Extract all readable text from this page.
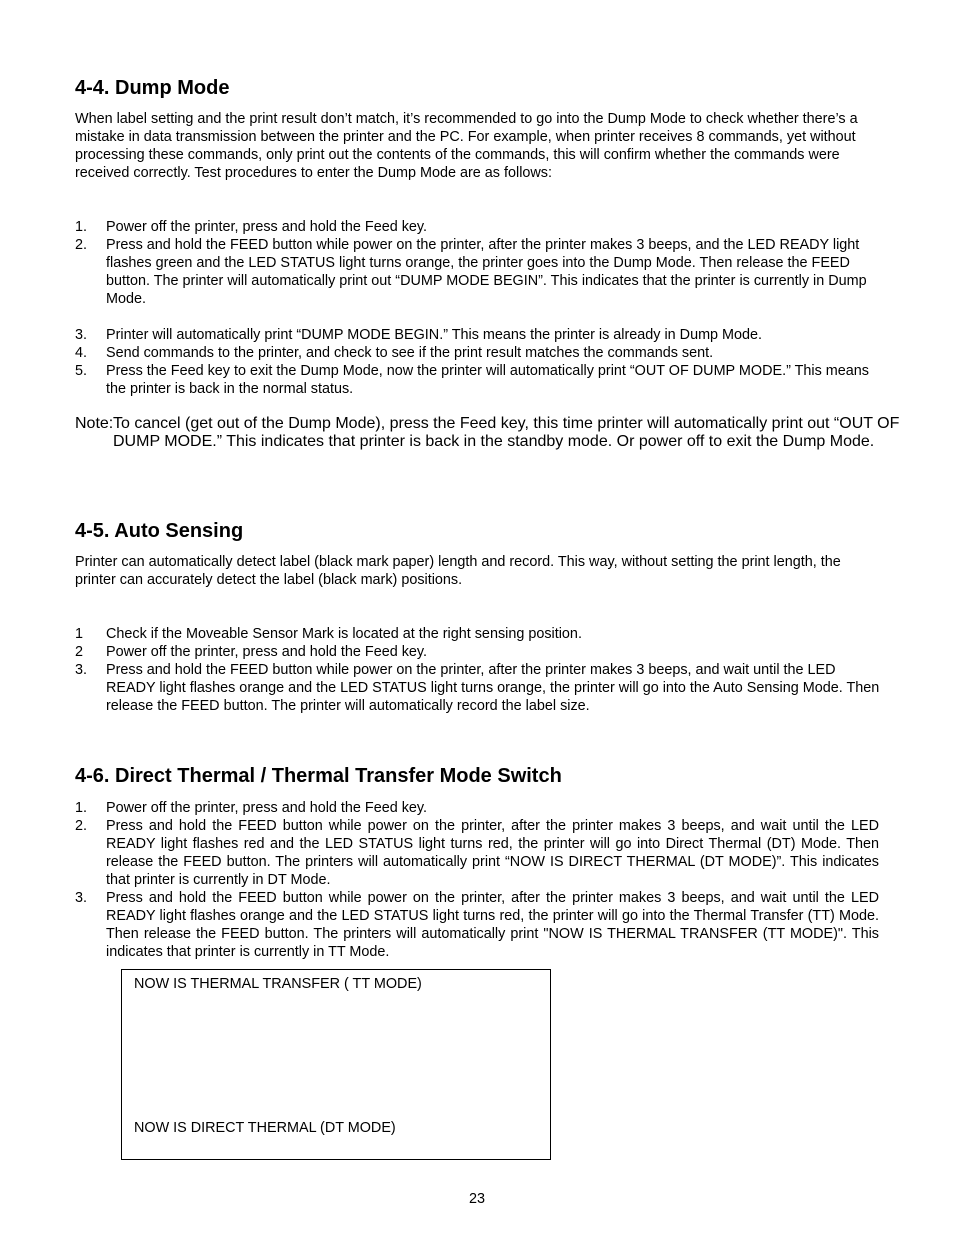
4-4. Dump Mode

When label setting and the print result don’t match, it’s recommended to go into the Dump Mode to check whether there’s a mistake in data transmission between the printer and the PC. For example, when printer receives 8 commands, yet without processing these commands, only print out the contents of the commands, this will confirm whether the commands were received correctly. Test procedures to enter the Dump Mode are as follows:

1.	Power off the printer, press and hold the Feed key.
2.	Press and hold the FEED button while power on the printer, after the printer makes 3 beeps, and the LED READY light flashes green and the LED STATUS light turns orange, the printer goes into the Dump Mode. Then release the FEED button. The printer will automatically print out “DUMP MODE BEGIN”. This indicates that the printer is currently in Dump Mode.
3.	Printer will automatically print “DUMP MODE BEGIN.” This means the printer is already in Dump Mode.
4.	Send commands to the printer, and check to see if the print result matches the commands sent.
5.	Press the Feed key to exit the Dump Mode, now the printer will automatically print “OUT OF DUMP MODE.” This means the printer is back in the normal status.
Note: To cancel (get out of the Dump Mode), press the Feed key, this time printer will automatically print out “OUT OF DUMP MODE.” This indicates that printer is back in the standby mode. Or power off to exit the Dump Mode.
4-5. Auto Sensing

Printer can automatically detect label (black mark paper) length and record. This way, without setting the print length, the printer can accurately detect the label (black mark) positions.

1	Check if the Moveable Sensor Mark is located at the right sensing position.
2	Power off the printer, press and hold the Feed key.
3.	Press and hold the FEED button while power on the printer, after the printer makes 3 beeps, and wait until the LED READY light flashes orange and the LED STATUS light turns orange, the printer will go into the Auto Sensing Mode. Then release the FEED button. The printer will automatically record the label size.
4-6. Direct Thermal / Thermal Transfer Mode Switch
1.	Power off the printer, press and hold the Feed key.
2.	Press and hold the FEED button while power on the printer, after the printer makes 3 beeps, and wait until the LED READY light flashes red and the LED STATUS light turns red, the printer will go into Direct Thermal (DT) Mode. Then release the FEED button. The printers will automatically print “NOW IS DIRECT THERMAL (DT MODE)”. This indicates that printer is currently in DT Mode.
3.	Press and hold the FEED button while power on the printer, after the printer makes 3 beeps, and wait until the LED READY light flashes orange and the LED STATUS light turns red, the printer will go into the Thermal Transfer (TT) Mode. Then release the FEED button. The printers will automatically print "NOW IS THERMAL TRANSFER (TT MODE)". This indicates that printer is currently in TT Mode.
NOW IS THERMAL TRANSFER ( TT MODE)
NOW IS DIRECT THERMAL (DT MODE)
23
